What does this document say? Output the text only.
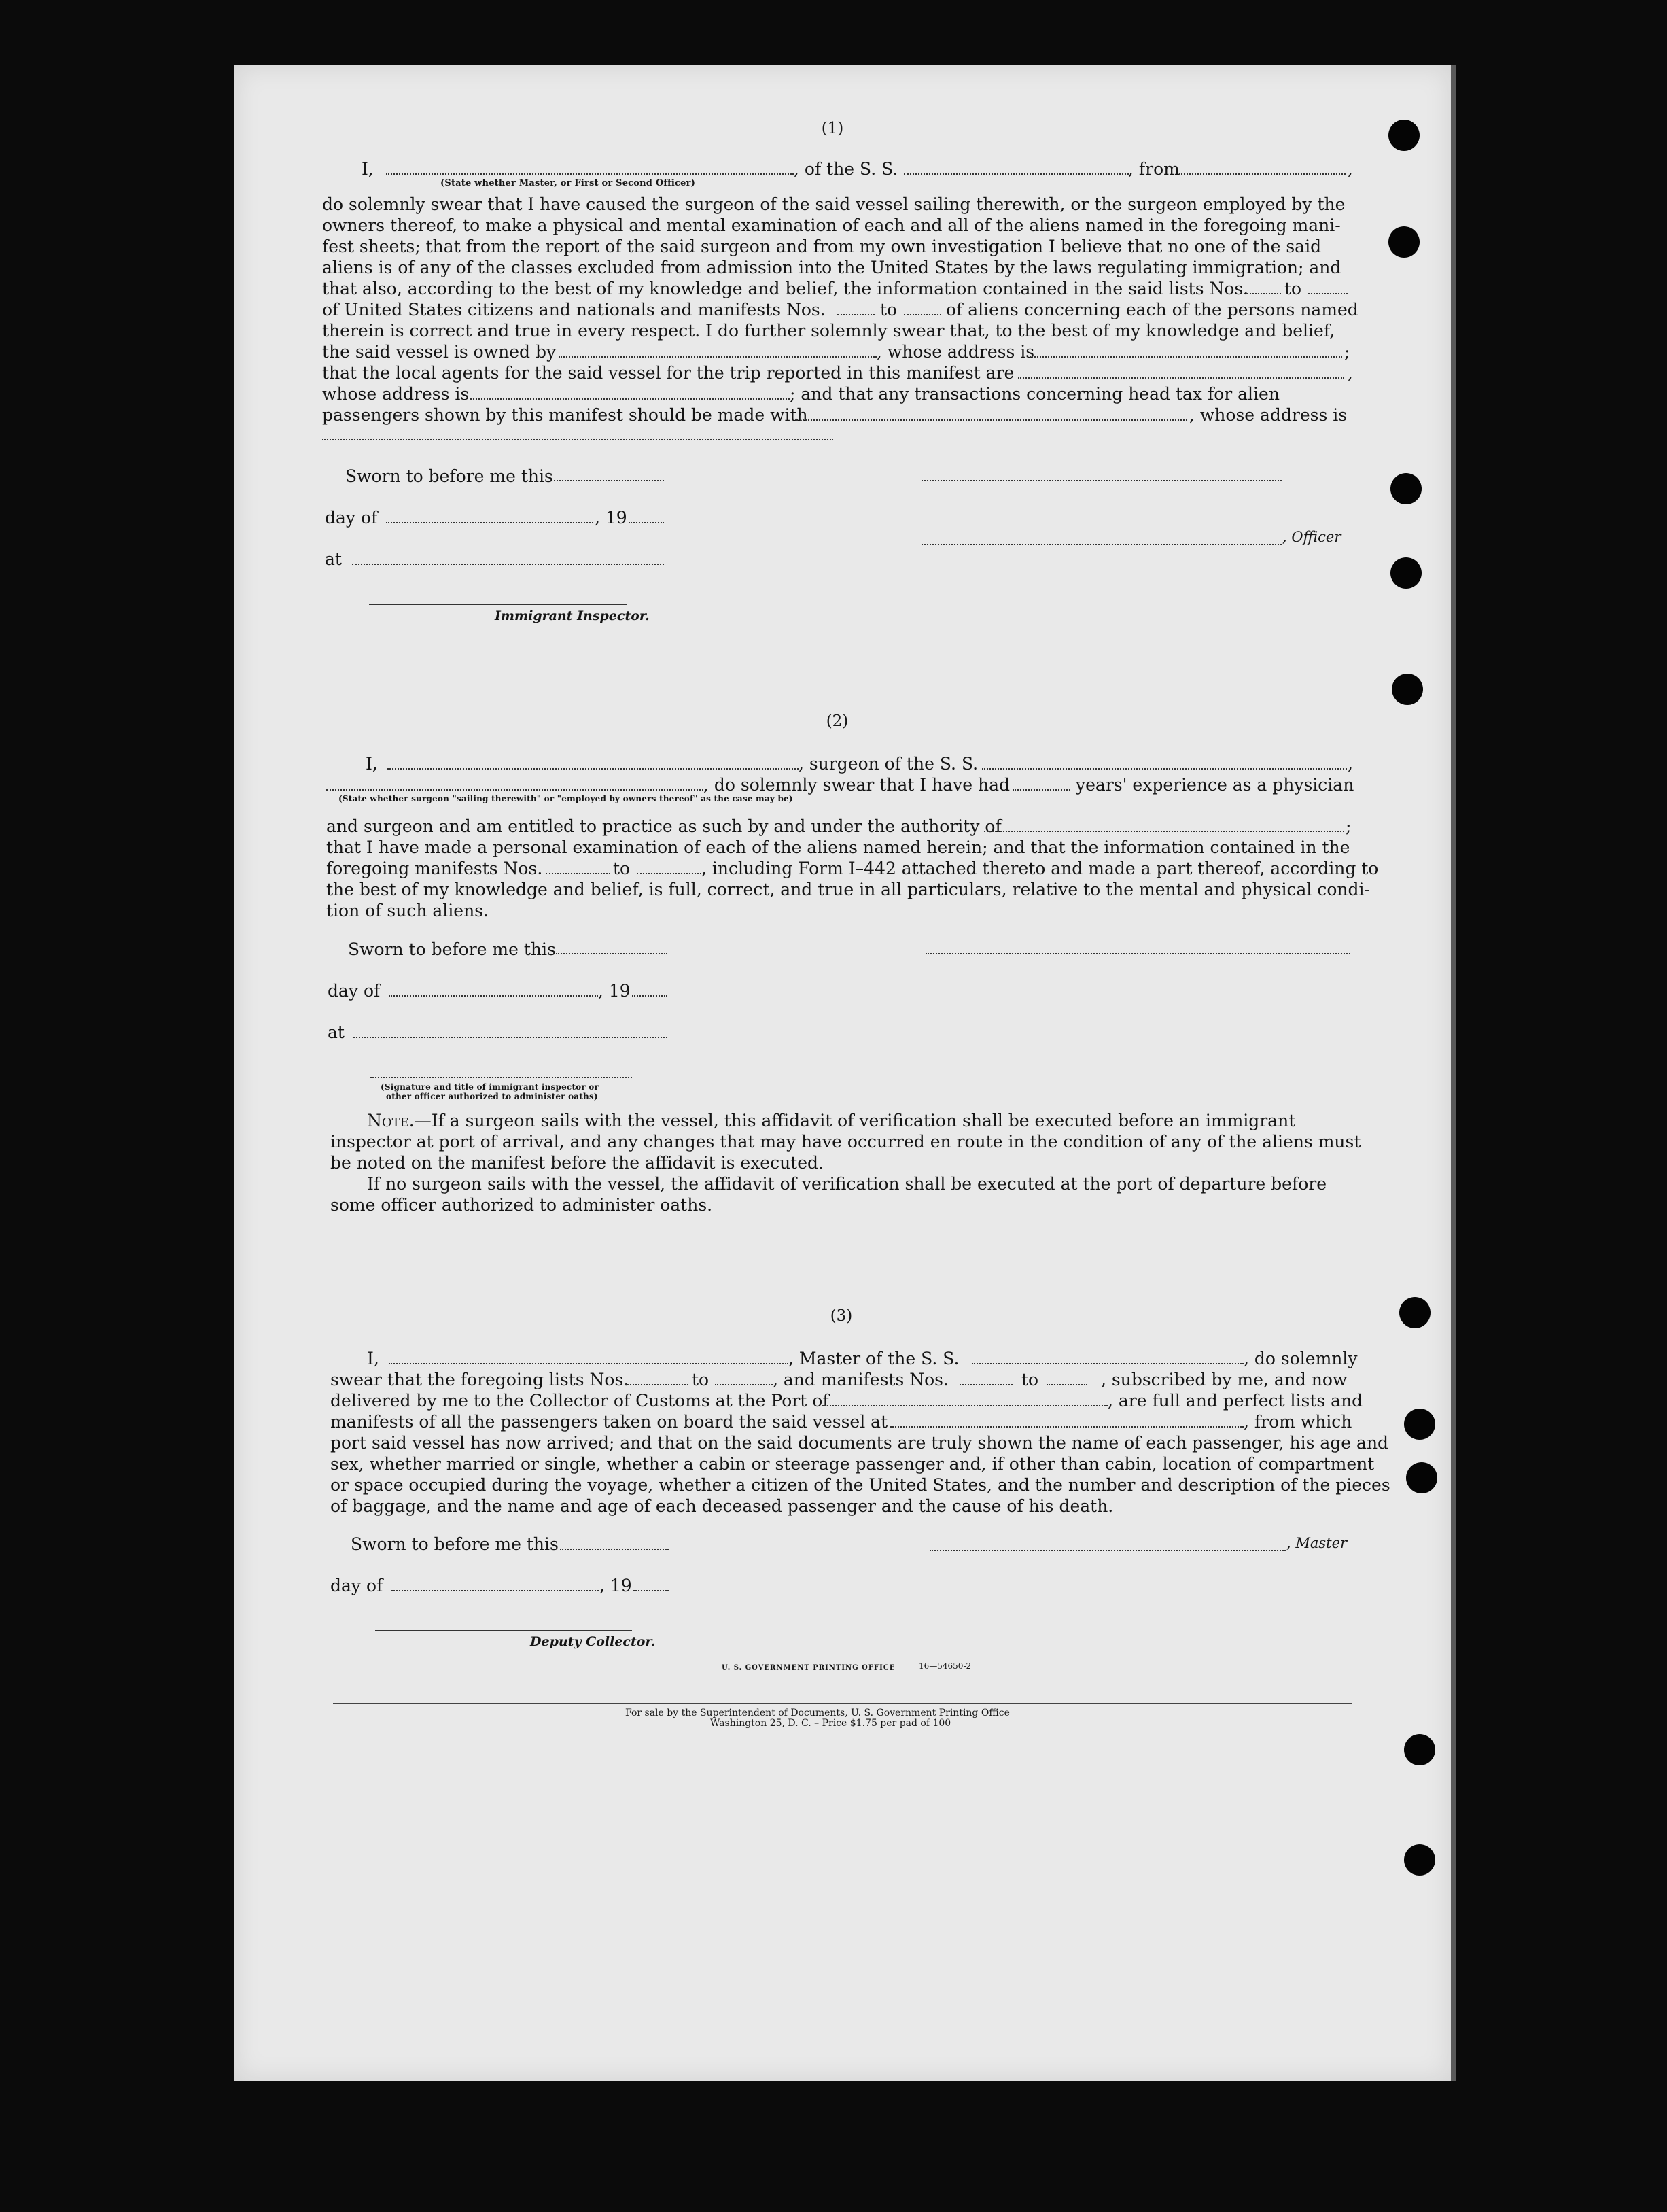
(1)
I,	, of the S. S.	, from	,
(State whether Master, or First or Second Officer)
do solemnly swear that I have caused the surgeon of the said vessel sailing therewith, or the surgeon employed by the
owners thereof, to make a physical and mental examination of each and all of the aliens named in the foregoing mani-
fest sheets; that from the report of the said surgeon and from my own investigation I believe that no one of the said
aliens is of any of the classes excluded from admission into the United States by the laws regulating immigration; and
that also, according to the best of my knowledge and belief, the information contained in the said lists Nos. to
of United States citizens and nationals and manifests Nos.	to	of aliens concerning each of the persons named
therein is correct and true in every respect. I do further solemnly swear that, to the best of my knowledge and belief,
the said vessel is owned by	, whose address is	;
that the local agents for the said vessel for the trip reported in this manifest are	,
whose address is	; and that any transactions concerning head tax for alien
passengers shown by this manifest should be made with	, whose address is
Sworn to before me this
day of	, 19
, Officer
at
Immigrant Inspector.
(2)
I,	, surgeon of the S. S.	,
, do solemnly swear that I have had	years' experience as a physician
(State whether surgeon "sailing therewith" or "employed by owners thereof" as the case may be)
and surgeon and am entitled to practice as such by and under the authority of	;
that I have made a personal examination of each of the aliens named herein; and that the information contained in the
foregoing manifests Nos.	to	, including Form I–442 attached thereto and made a part thereof, according to
the best of my knowledge and belief, is full, correct, and true in all particulars, relative to the mental and physical condi-
tion of such aliens.
Sworn to before me this
day of	, 19
at
(Signature and title of immigrant inspector or
other officer authorized to administer oaths)
Note.—If a surgeon sails with the vessel, this affidavit of verification shall be executed before an immigrant
inspector at port of arrival, and any changes that may have occurred en route in the condition of any of the aliens must
be noted on the manifest before the affidavit is executed.
If no surgeon sails with the vessel, the affidavit of verification shall be executed at the port of departure before
some officer authorized to administer oaths.
(3)
I,	, Master of the S. S.	, do solemnly
swear that the foregoing lists Nos.	to	, and manifests Nos.	to	, subscribed by me, and now
delivered by me to the Collector of Customs at the Port of	, are full and perfect lists and
manifests of all the passengers taken on board the said vessel at	, from which
port said vessel has now arrived; and that on the said documents are truly shown the name of each passenger, his age and
sex, whether married or single, whether a cabin or steerage passenger and, if other than cabin, location of compartment
or space occupied during the voyage, whether a citizen of the United States, and the number and description of the pieces
of baggage, and the name and age of each deceased passenger and the cause of his death.
Sworn to before me this	, Master
day of	, 19
Deputy Collector.
U. S. GOVERNMENT PRINTING OFFICE	16—54650-2
For sale by the Superintendent of Documents, U. S. Government Printing Office
Washington 25, D. C. – Price $1.75 per pad of 100
